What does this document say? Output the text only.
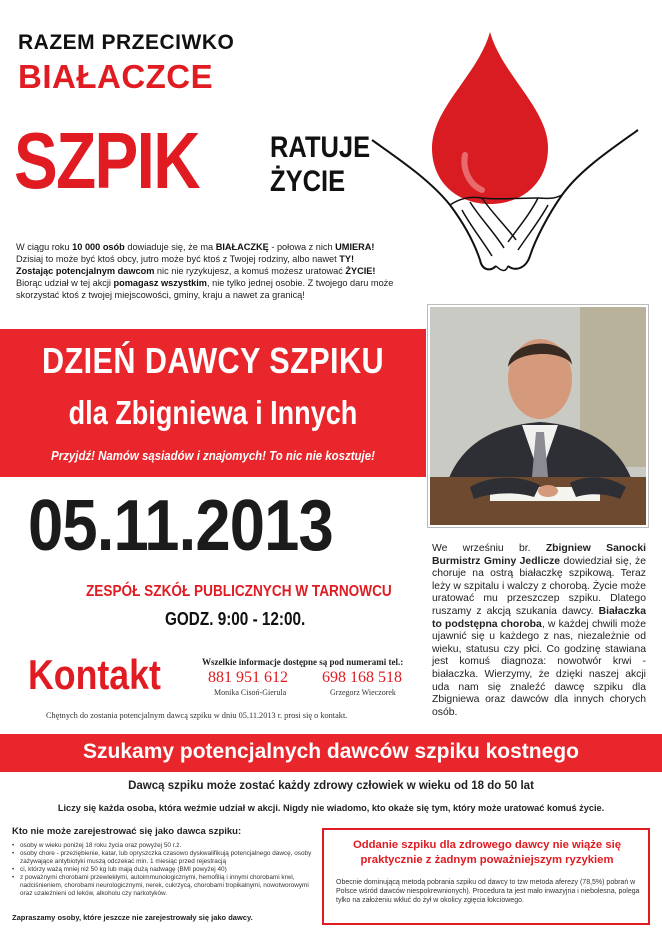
RAZEM PRZECIWKO
BIAŁACZCE
SZPIK RATUJE
ŻYCIE
W ciągu roku 10 000 osób dowiaduje się, że ma BIAŁACZKĘ - połowa z nich UMIERA!
Dzisiaj to może być ktoś obcy, jutro może być ktoś z Twojej rodziny, albo nawet TY!
Zostając potencjalnym dawcom nic nie ryzykujesz, a komuś możesz uratować ŻYCIE!
Biorąc udział w tej akcji pomagasz wszystkim, nie tylko jednej osobie. Z twojego daru może skorzystać ktoś z twojej miejscowości, gminy, kraju a nawet za granicą!
DZIEŃ DAWCY SZPIKU
dla Zbigniewa i Innych
Przyjdź! Namów sąsiadów i znajomych! To nic nie kosztuje!
05.11.2013
ZESPÓŁ SZKÓŁ PUBLICZNYCH W TARNOWCU
GODZ. 9:00 - 12:00.
Kontakt	Wszelkie informacje dostępne są pod numerami tel.:
881 951 612
Monika Cisoń-Gierula
698 168 518
Grzegorz Wieczorek
Chętnych do zostania potencjalnym dawcą szpiku w dniu 05.11.2013 r. prosi się o kontakt.
We wrześniu br. Zbigniew Sanocki Burmistrz Gminy Jedlicze dowiedział się, że choruje na ostrą białaczkę szpikową. Teraz leży w szpitalu i walczy z chorobą. Życie może uratować mu przeszczep szpiku. Dlatego ruszamy z akcją szukania dawcy. Białaczka to podstępna choroba, w każdej chwili może ujawnić się u każdego z nas, niezależnie od wieku, statusu czy płci. Co godzinę stawiana jest komuś diagnoza: nowotwór krwi - białaczka. Wierzymy, że dzięki naszej akcji uda nam się znaleźć dawcę szpiku dla Zbigniewa oraz dawców dla innych chorych osób.
Szukamy potencjalnych dawców szpiku kostnego
Dawcą szpiku może zostać każdy zdrowy człowiek w wieku od 18 do 50 lat
Liczy się każda osoba, która weźmie udział w akcji. Nigdy nie wiadomo, kto okaże się tym, który może uratować komuś życie.
Kto nie może zarejestrować się jako dawca szpiku:
• osoby w wieku poniżej 18 roku życia oraz powyżej 50 r.ż.
• osoby chore - przeziębienie, katar, lub opryszczka czasowo dyskwalifikują potencjalnego dawcę, osoby zażywające antybiotyki muszą odczekać min. 1 miesiąc przed rejestracją
• ci, którzy ważą mniej niż 50 kg lub mają dużą nadwagę (BMI powyżej 40)
• z poważnymi chorobami przewlekłymi, autoimmunologicznymi, hemofilią i innymi chorobami krwi, nadciśnieniem, chorobami neurologicznymi, nerek, cukrzycą, chorobami tropikalnymi, nowotworowymi oraz uzależnieni od leków, alkoholu czy narkotyków.
Zapraszamy osoby, które jeszcze nie zarejestrowały się jako dawcy.
Oddanie szpiku dla zdrowego dawcy nie wiąże się praktycznie z żadnym poważniejszym ryzykiem
Obecnie dominującą metodą pobrania szpiku od dawcy to tzw metoda aferezy (78,5%) pobrań w Polsce wśród dawców niespokrewnionych). Procedura ta jest mało inwazyjna i niebolesna, polega tylko na założeniu wkłuć do żył w okolicy zgięcia łokciowego.
